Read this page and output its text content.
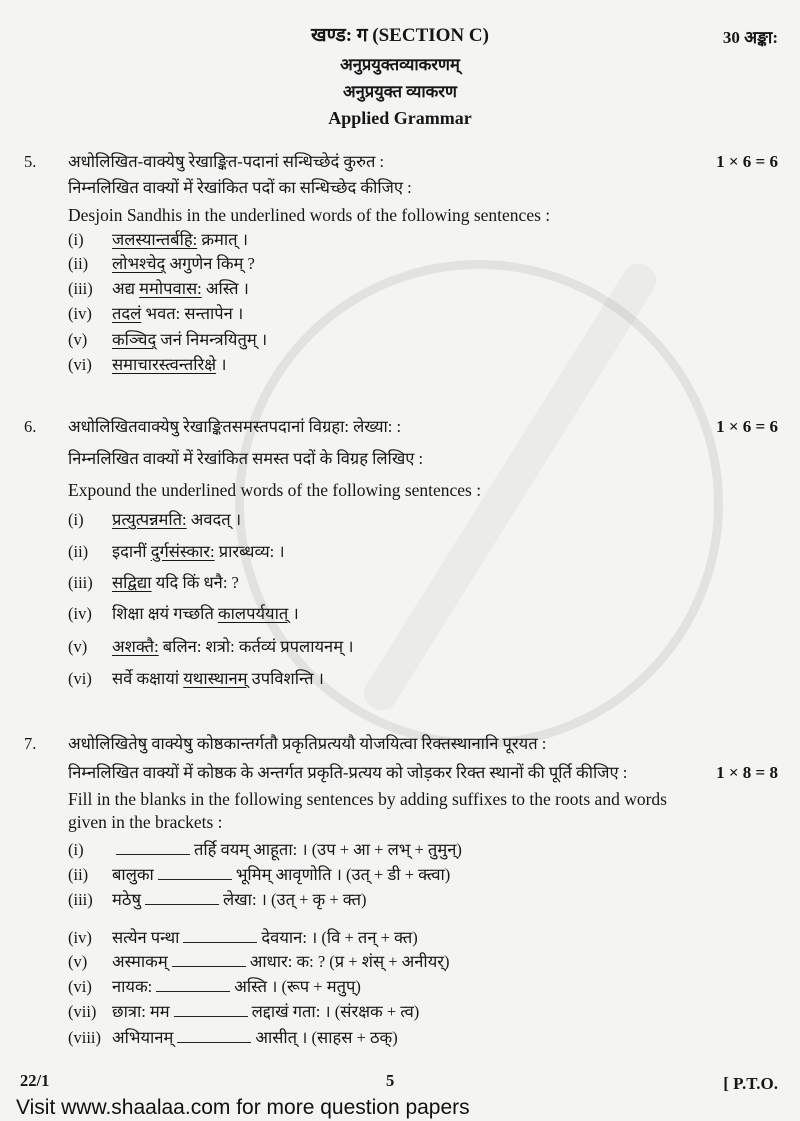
खण्ड: ग (SECTION C)	30 अङ्का:
अनुप्रयुक्तव्याकरणम्
अनुप्रयुक्त व्याकरण
Applied Grammar
5. अधोलिखित-वाक्येषु रेखाङ्कित-पदानां सन्धिच्छेदं कुरुत :	1 × 6 = 6
निम्नलिखित वाक्यों में रेखांकित पदों का सन्धिच्छेद कीजिए :
Desjoin Sandhis in the underlined words of the following sentences :
(i) जलस्यान्तर्बहि: क्रमात् ।
(ii) लोभश्चेद् अगुणेन किम् ?
(iii) अद्य ममोपवास: अस्ति ।
(iv) तदलं भवत: सन्तापेन ।
(v) कञ्चिद् जनं निमन्त्रयितुम् ।
(vi) समाचारस्त्वन्तरिक्षे ।
6. अधोलिखितवाक्येषु रेखाङ्कितसमस्तपदानां विग्रहा: लेख्या: :	1 × 6 = 6
निम्नलिखित वाक्यों में रेखांकित समस्त पदों के विग्रह लिखिए :
Expound the underlined words of the following sentences :
(i) प्रत्युत्पन्नमति: अवदत् ।
(ii) इदानीं दुर्गसंस्कार: प्रारब्धव्य: ।
(iii) सद्विद्या यदि किं धनै: ?
(iv) शिक्षा क्षयं गच्छति कालपर्ययात् ।
(v) अशक्तै: बलिन: शत्रो: कर्तव्यं प्रपलायनम् ।
(vi) सर्वे कक्षायां यथास्थानम् उपविशन्ति ।
7. अधोलिखितेषु वाक्येषु कोष्ठकान्तर्गतौ प्रकृतिप्रत्ययौ योजयित्वा रिक्तस्थानानि पूरयत :
निम्नलिखित वाक्यों में कोष्ठक के अन्तर्गत प्रकृति-प्रत्यय को जोड़कर रिक्त स्थानों की पूर्ति कीजिए :	1 × 8 = 8
Fill in the blanks in the following sentences by adding suffixes to the roots and words
given in the brackets :
(i)	तर्हि वयम् आहूता: । (उप + आ + लभ् + तुमुन्)
(ii) बालुका	भूमिम् आवृणोति । (उत् + डी + क्त्वा)
(iii) मठेषु	लेखा: । (उत् + कृ + क्त)
(iv) सत्येन पन्था	देवयान: । (वि + तन् + क्त)
(v) अस्माकम्	आधार: क: ? (प्र + शंस् + अनीयर्)
(vi) नायक:	अस्ति । (रूप + मतुप्)
(vii) छात्रा: मम	लद्दाखं गता: । (संरक्षक + त्व)
(viii) अभियानम्	आसीत् । (साहस + ठक्)
22/1	5	[ P.T.O.
Visit www.shaalaa.com for more question papers
